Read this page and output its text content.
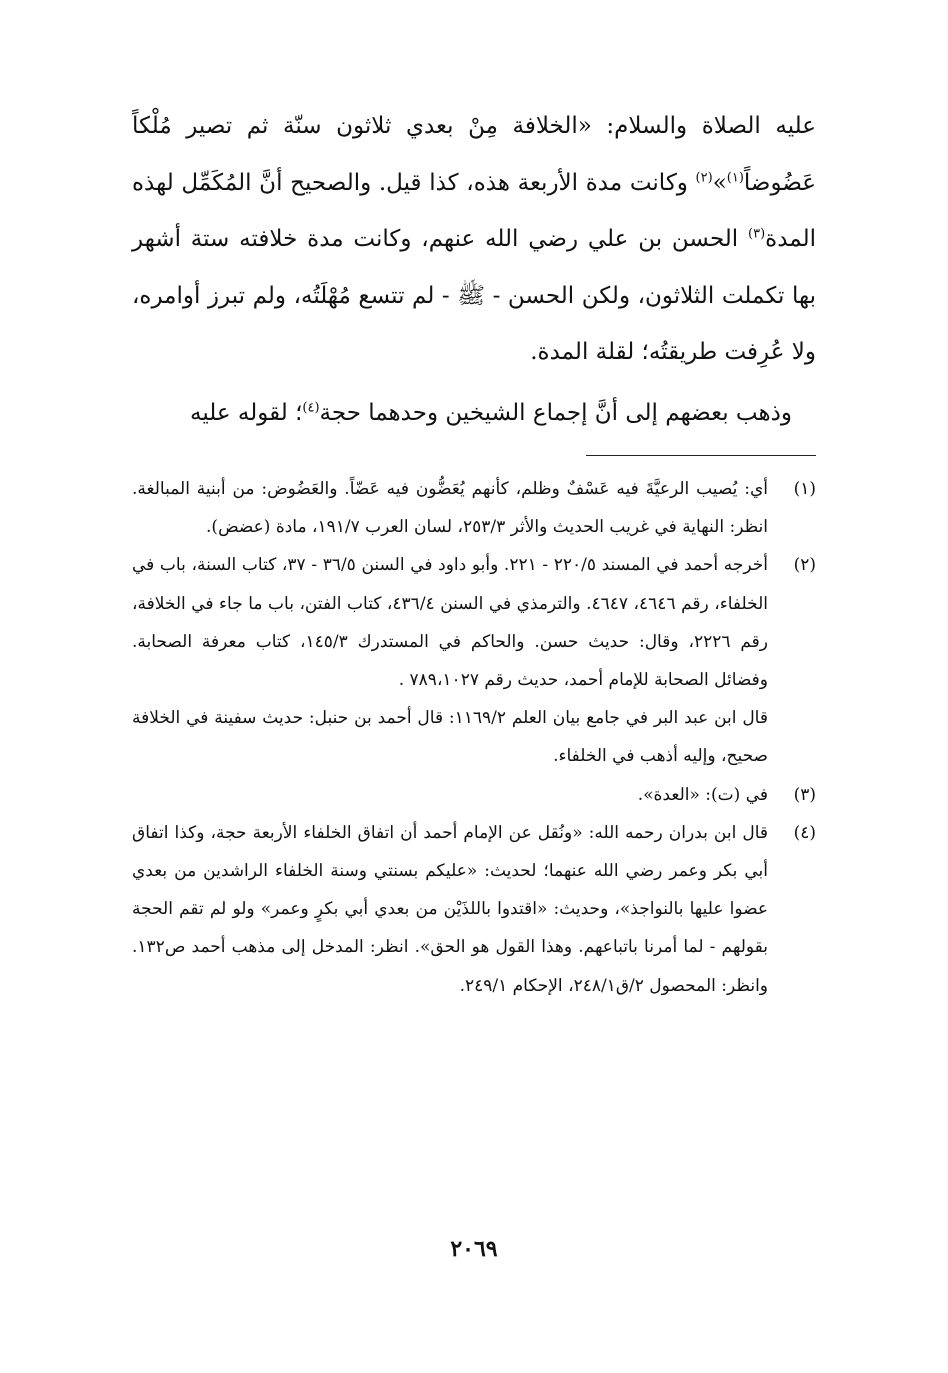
عليه الصلاة والسلام: «الخلافة مِنْ بعدي ثلاثون سنّة ثم تصير مُلْكاً عَضُوضاً$^{(١)}$»$^{(٢)}$ وكانت مدة الأربعة هذه، كذا قيل. والصحيح أنَّ المُكَمِّل لهذه المدة$^{(٣)}$ الحسن بن علي رضي الله عنهم، وكانت مدة خلافته ستة أشهر بها تكملت الثلاثون، ولكن الحسن - ﷺ - لم تتسع مُهْلَتُه، ولم تبرز أوامره، ولا عُرِفت طريقتُه؛ لقلة المدة.

وذهب بعضهم إلى أنَّ إجماع الشيخين وحدهما حجة$^{(٤)}$؛ لقوله عليه

(١)

أي: يُصيب الرعيَّةَ فيه عَسْفٌ وظلم، كأنهم يُعَضُّون فيه عَضّاً. والعَضُوض: من أبنية المبالغة. انظر: النهاية في غريب الحديث والأثر ٢٥٣/٣، لسان العرب ١٩١/٧، مادة (عضض).

(٢)

أخرجه أحمد في المسند ٢٢٠/٥ - ٢٢١. وأبو داود في السنن ٣٦/٥ - ٣٧، كتاب السنة، باب في الخلفاء، رقم ٤٦٤٦، ٤٦٤٧. والترمذي في السنن ٤٣٦/٤، كتاب الفتن، باب ما جاء في الخلافة، رقم ٢٢٢٦، وقال: حديث حسن. والحاكم في المستدرك ١٤٥/٣، كتاب معرفة الصحابة. وفضائل الصحابة للإمام أحمد، حديث رقم ٧٨٩،١٠٢٧ .

قال ابن عبد البر في جامع بيان العلم ١١٦٩/٢: قال أحمد بن حنبل: حديث سفينة في الخلافة صحيح، وإليه أذهب في الخلفاء.

(٣)

في (ت): «العدة».

(٤)

قال ابن بدران رحمه الله: «ونُقل عن الإمام أحمد أن اتفاق الخلفاء الأربعة حجة، وكذا اتفاق أبي بكر وعمر رضي الله عنهما؛ لحديث: «عليكم بسنتي وسنة الخلفاء الراشدين من بعدي عضوا عليها بالنواجذ»، وحديث: «اقتدوا باللذَيْن من بعدي أبي بكرٍ وعمر» ولو لم تقم الحجة بقولهم - لما أمرنا باتباعهم. وهذا القول هو الحق». انظر: المدخل إلى مذهب أحمد ص١٣٢. وانظر: المحصول ٢/ق٢٤٨/١، الإحكام ٢٤٩/١.

٢٠٦٩
